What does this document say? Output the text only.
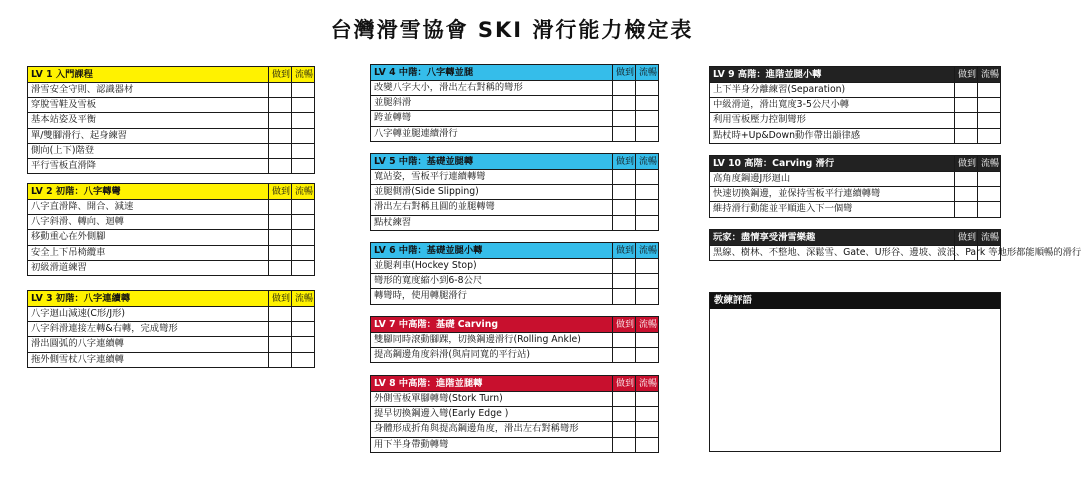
台灣滑雪協會 SKI 滑行能力檢定表
LV 1 入門課程	做到	流暢
滑雪安全守則、認識器材		
穿脫雪鞋及雪板		
基本站姿及平衡		
單/雙腳滑行、起身練習		
側向(上下)階登		
平行雪板直滑降		
LV 2 初階：八字轉彎	做到	流暢
八字直滑降、開合、減速		
八字斜滑、轉向、迴轉		
移動重心在外側腳		
安全上下吊椅纜車		
初級滑道練習		
LV 3 初階：八字連續轉	做到	流暢
八字迴山減速(C形/J形)		
八字斜滑連接左轉&右轉，完成彎形		
滑出圓弧的八字連續轉		
拖外側雪杖八字連續轉		
LV 4 中階：八字轉並腿	做到	流暢
改變八字大小，滑出左右對稱的彎形		
並腿斜滑		
跨並轉彎		
八字轉並腿連續滑行		
LV 5 中階：基礎並腿轉	做到	流暢
寬站姿，雪板平行連續轉彎		
並腿側滑(Side Slipping)		
滑出左右對稱且圓的並腿轉彎		
點杖練習		
LV 6 中階：基礎並腿小轉	做到	流暢
並腿剎車(Hockey Stop)		
彎形的寬度縮小到6-8公尺		
轉彎時，使用轉腿滑行		
LV 7 中高階：基礎 Carving	做到	流暢
雙腳同時滾動腳踝，切換鋼邊滑行(Rolling Ankle)		
提高鋼邊角度斜滑(與肩同寬的平行站)		
LV 8 中高階：進階並腿轉	做到	流暢
外側雪板單腳轉彎(Stork Turn)		
提早切換鋼邊入彎(Early Edge )		
身體形成折角與提高鋼邊角度，滑出左右對稱彎形		
用下半身帶動轉彎		
LV 9 高階：進階並腿小轉	做到	流暢
上下半身分離練習(Separation)		
中級滑道，滑出寬度3-5公尺小轉		
利用雪板壓力控制彎形		
點杖時+Up&Down動作帶出韻律感		
LV 10 高階：Carving 滑行	做到	流暢
高角度鋼邊J形迴山		
快速切換鋼邊，並保持雪板平行連續轉彎		
維持滑行動能並平順進入下一個彎		
玩家：盡情享受滑雪樂趣	做到	流暢
黑線、樹林、不整地、深鬆雪、Gate、U形谷、邊坡、波浪、Park 等地形都能順暢的滑行		
教練評語
